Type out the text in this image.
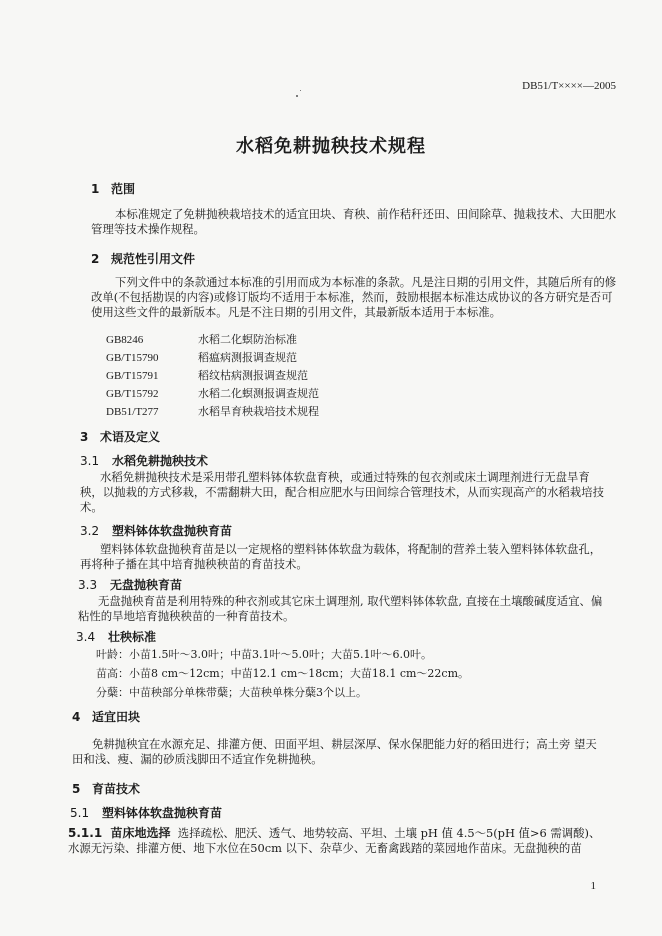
DB51/T××××—2005
水稻免耕抛秧技术规程
1 范围
本标准规定了免耕抛秧栽培技术的适宜田块、育秧、前作秸秆还田、田间除草、抛栽技术、大田肥水管理等技术操作规程。
2 规范性引用文件
下列文件中的条款通过本标准的引用而成为本标准的条款。凡是注日期的引用文件，其随后所有的修改单(不包括勘误的内容)或修订版均不适用于本标准，然而，鼓励根据本标准达成协议的各方研究是否可使用这些文件的最新版本。凡是不注日期的引用文件，其最新版本适用于本标准。
GB8246	水稻二化螟防治标准
GB/T15790	稻瘟病测报调查规范
GB/T15791	稻纹枯病测报调查规范
GB/T15792	水稻二化螟测报调查规范
DB51/T277	水稻旱育秧栽培技术规程
3 术语及定义
3.1 水稻免耕抛秧技术
水稻免耕抛秧技术是采用带孔塑料钵体软盘育秧，或通过特殊的包衣剂或床土调理剂进行无盘旱育秧，以抛栽的方式移栽，不需翻耕大田，配合相应肥水与田间综合管理技术，从而实现高产的水稻栽培技术。
3.2 塑料钵体软盘抛秧育苗
塑料钵体软盘抛秧育苗是以一定规格的塑料钵体软盘为载体，将配制的营养土装入塑料钵体软盘孔，再将种子播在其中培育抛秧秧苗的育苗技术。
3.3 无盘抛秧育苗
无盘抛秧育苗是利用特殊的种衣剂或其它床土调理剂, 取代塑料钵体软盘, 直接在土壤酸碱度适宜、偏粘性的旱地培育抛秧秧苗的一种育苗技术。
3.4 壮秧标准
叶龄：小苗1.5叶～3.0叶；中苗3.1叶～5.0叶；大苗5.1叶～6.0叶。
苗高：小苗8 cm～12cm；中苗12.1 cm～18cm；大苗18.1 cm～22cm。
分蘖：中苗秧部分单株带蘖；大苗秧单株分蘖3个以上。
4 适宜田块
免耕抛秧宜在水源充足、排灌方便、田面平坦、耕层深厚、保水保肥能力好的稻田进行；高土旁 望天田和浅、瘦、漏的砂质浅脚田不适宜作免耕抛秧。
5 育苗技术
5.1 塑料钵体软盘抛秧育苗
5.1.1 苗床地选择 选择疏松、肥沃、透气、地势较高、平坦、土壤 pH 值 4.5～5(pH 值>6 需调酸)、水源无污染、排灌方便、地下水位在50cm 以下、杂草少、无畜禽践踏的菜园地作苗床。无盘抛秧的苗
1
